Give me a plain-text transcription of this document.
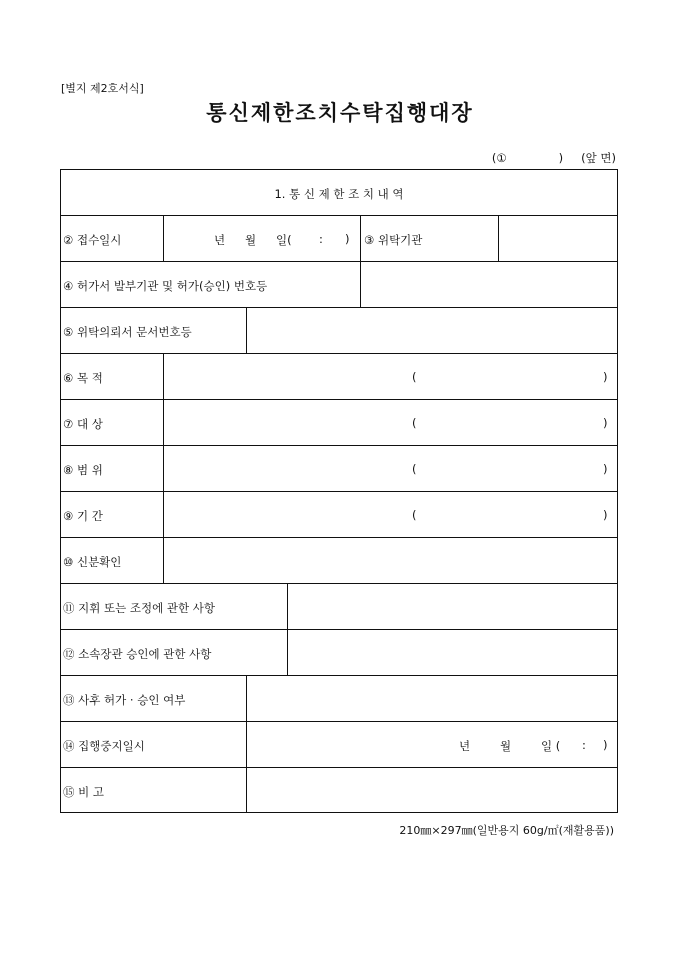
[별지 제2호서식]
통신제한조치수탁집행대장
(①	) (앞 면)
1. 통 신 제 한 조 치 내 역
② 접수일시	년 월 일( : ) ③ 위탁기관
④ 허가서 발부기관 및 허가(승인) 번호등
⑤ 위탁의뢰서 문서번호등
⑥ 목 적	(	)
⑦ 대 상	(	)
⑧ 범 위	(	)
⑨ 기 간	(	)
⑩ 신분확인
⑪ 지휘 또는 조정에 관한 사항
⑫ 소속장관 승인에 관한 사항
⑬ 사후 허가 · 승인 여부
⑭ 집행중지일시	년	월	일 ( : )
⑮ 비 고
210㎜×297㎜(일반용지 60g/㎡(재활용품))
